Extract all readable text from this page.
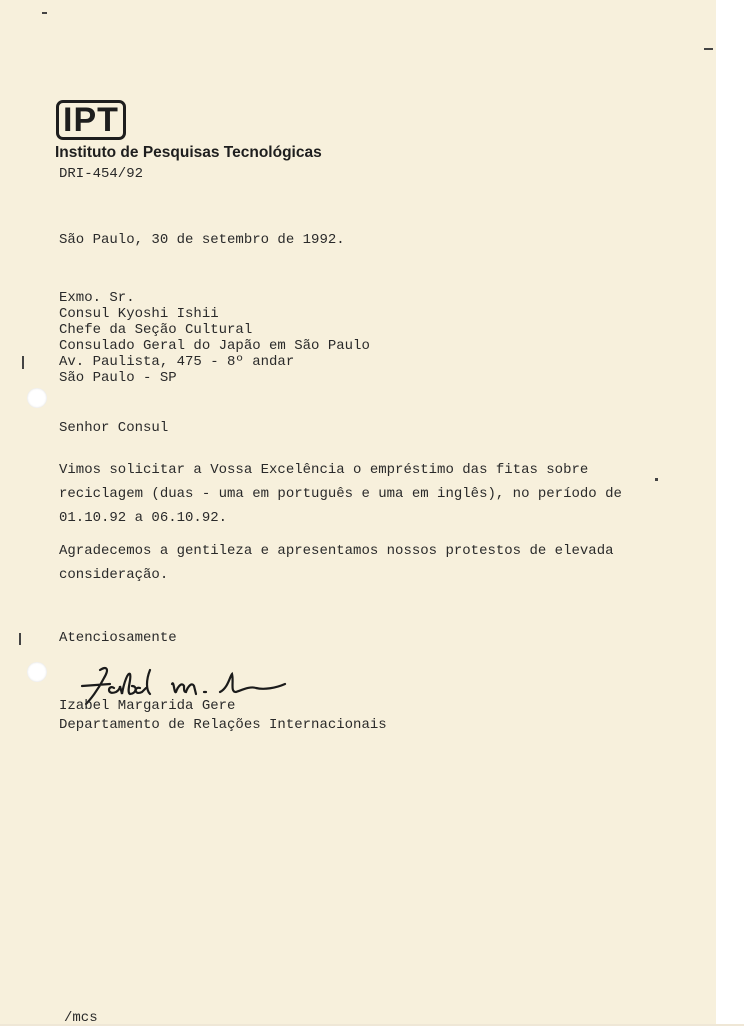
IPT
Instituto de Pesquisas Tecnológicas
DRI-454/92
São Paulo, 30 de setembro de 1992.
Exmo. Sr.
Consul Kyoshi Ishii
Chefe da Seção Cultural
Consulado Geral do Japão em São Paulo
Av. Paulista, 475 - 8º andar
São Paulo - SP
Senhor Consul
Vimos solicitar a Vossa Excelência o empréstimo das fitas sobre
reciclagem (duas - uma em português e uma em inglês), no período de
01.10.92 a 06.10.92.
Agradecemos a gentileza e apresentamos nossos protestos de elevada
consideração.
Atenciosamente
Izabel Margarida Gere
Departamento de Relações Internacionais
/mcs
